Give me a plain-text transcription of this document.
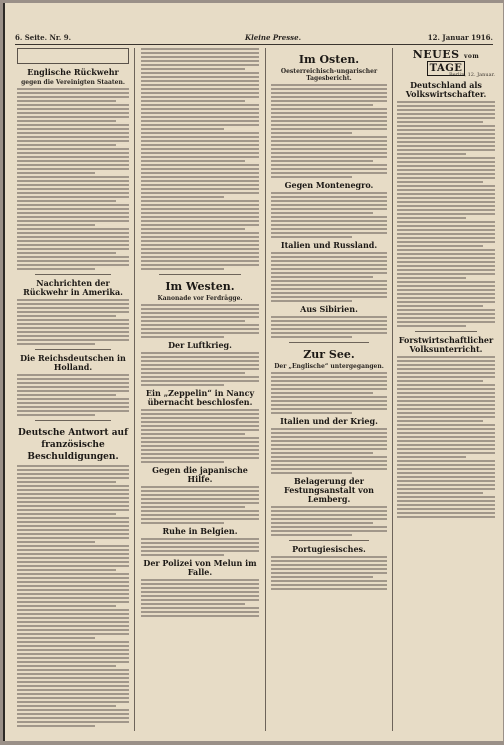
6. Seite. Nr. 9.	Kleine Presse.	12. Januar 1916.
Englische Rückwehr
gegen die Vereinigten Staaten.
Nachrichten der Rückwehr in Amerika.
Die Reichsdeutschen in Holland.
Deutsche Antwort auf französische Beschuldigungen.
Im Westen.
Kanonade vor Ferdrägge.
Der Luftkrieg.
Ein „Zeppelin“ in Nancy übernacht beschlosfen.
Gegen die japanische Hilfe.
Ruhe in Belgien.
Der Polizei von Melun im Falle.
Im Osten.
Oesterreichisch-ungarischer Tagesbericht.
Gegen Montenegro.
Italien und Russland.
Aus Sibirien.
Zur See.
Der „Englische“ untergegangen.
Italien und der Krieg.
Belagerung der Festungsanstalt von Lemberg.
Portugiesisches.
NEUES vom TAGE
Berlin, 12. Januar.
Deutschland als Volkswirtschafter.
Forstwirtschaftlicher Volksunterricht.
